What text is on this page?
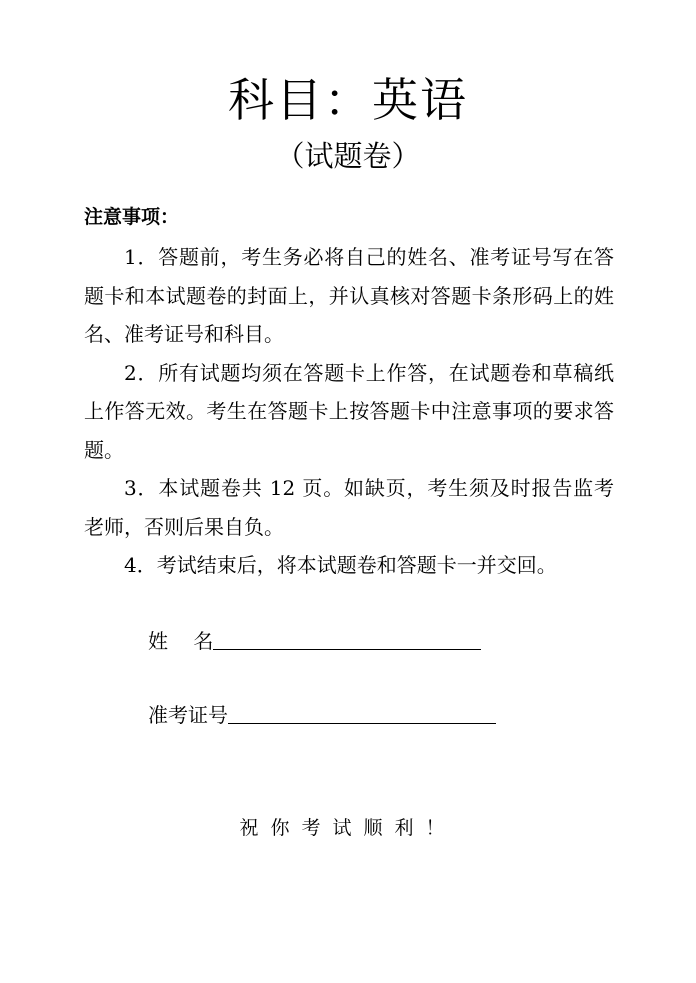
科目：英语
（试题卷）
注意事项：

1．答题前，考生务必将自己的姓名、准考证号写在答题卡和本试题卷的封面上，并认真核对答题卡条形码上的姓名、准考证号和科目。

2．所有试题均须在答题卡上作答，在试题卷和草稿纸上作答无效。考生在答题卡上按答题卡中注意事项的要求答题。

3．本试题卷共 12 页。如缺页，考生须及时报告监考老师，否则后果自负。

4．考试结束后，将本试题卷和答题卡一并交回。

姓    名
准考证号
祝你考试顺利！
